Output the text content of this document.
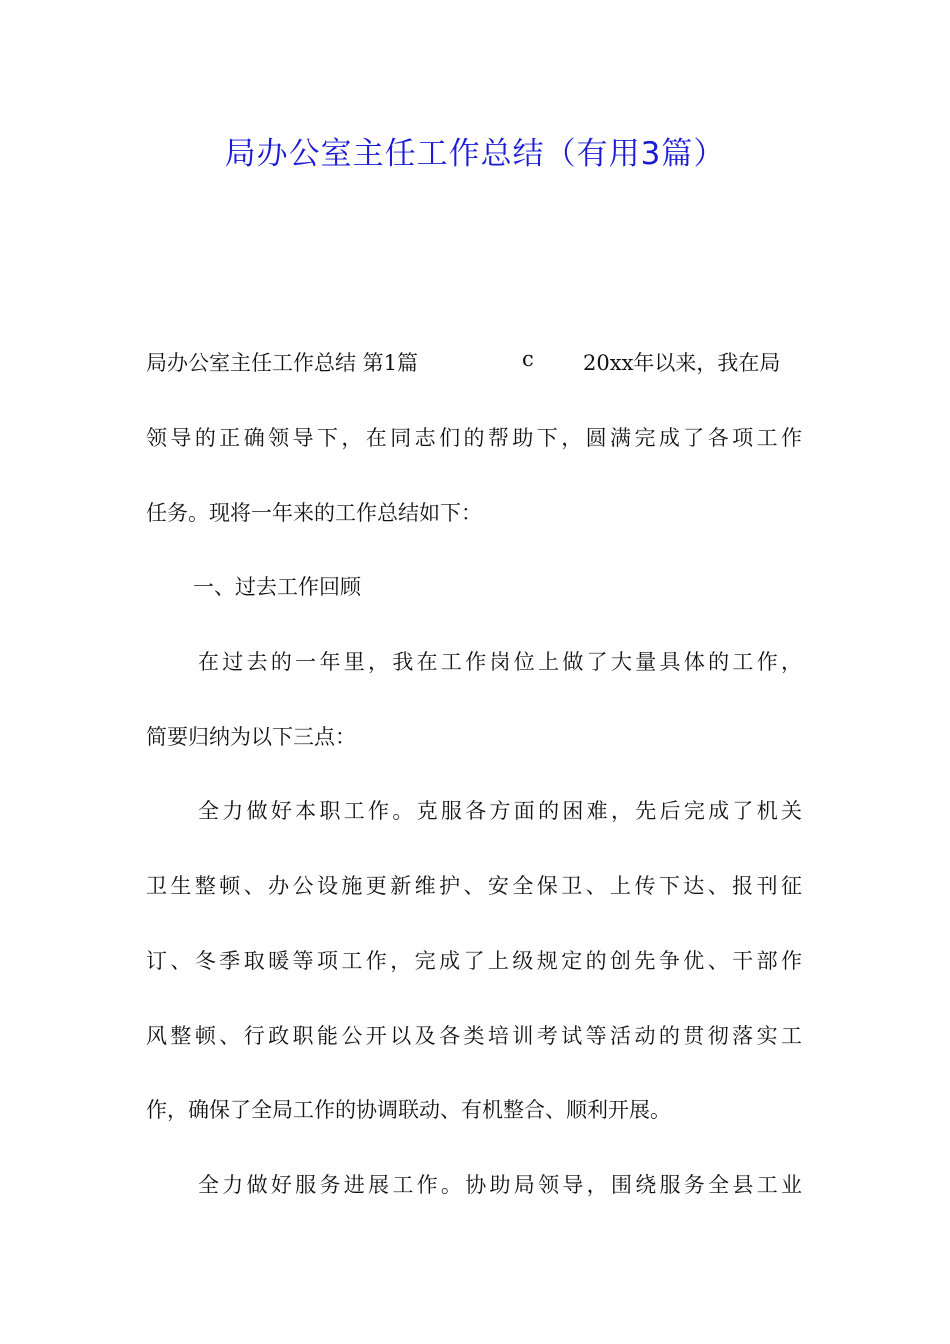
局办公室主任工作总结（有用3篇）
局办公室主任工作总结 第1篇	c 20xx年以来，我在局
领导的正确领导下，在同志们的帮助下，圆满完成了各项工作
任务。现将一年来的工作总结如下：
一、过去工作回顾
在过去的一年里，我在工作岗位上做了大量具体的工作，
简要归纳为以下三点：
全力做好本职工作。克服各方面的困难，先后完成了机关
卫生整顿、办公设施更新维护、安全保卫、上传下达、报刊征
订、冬季取暖等项工作，完成了上级规定的创先争优、干部作
风整顿、行政职能公开以及各类培训考试等活动的贯彻落实工
作，确保了全局工作的协调联动、有机整合、顺利开展。
全力做好服务进展工作。协助局领导，围绕服务全县工业
